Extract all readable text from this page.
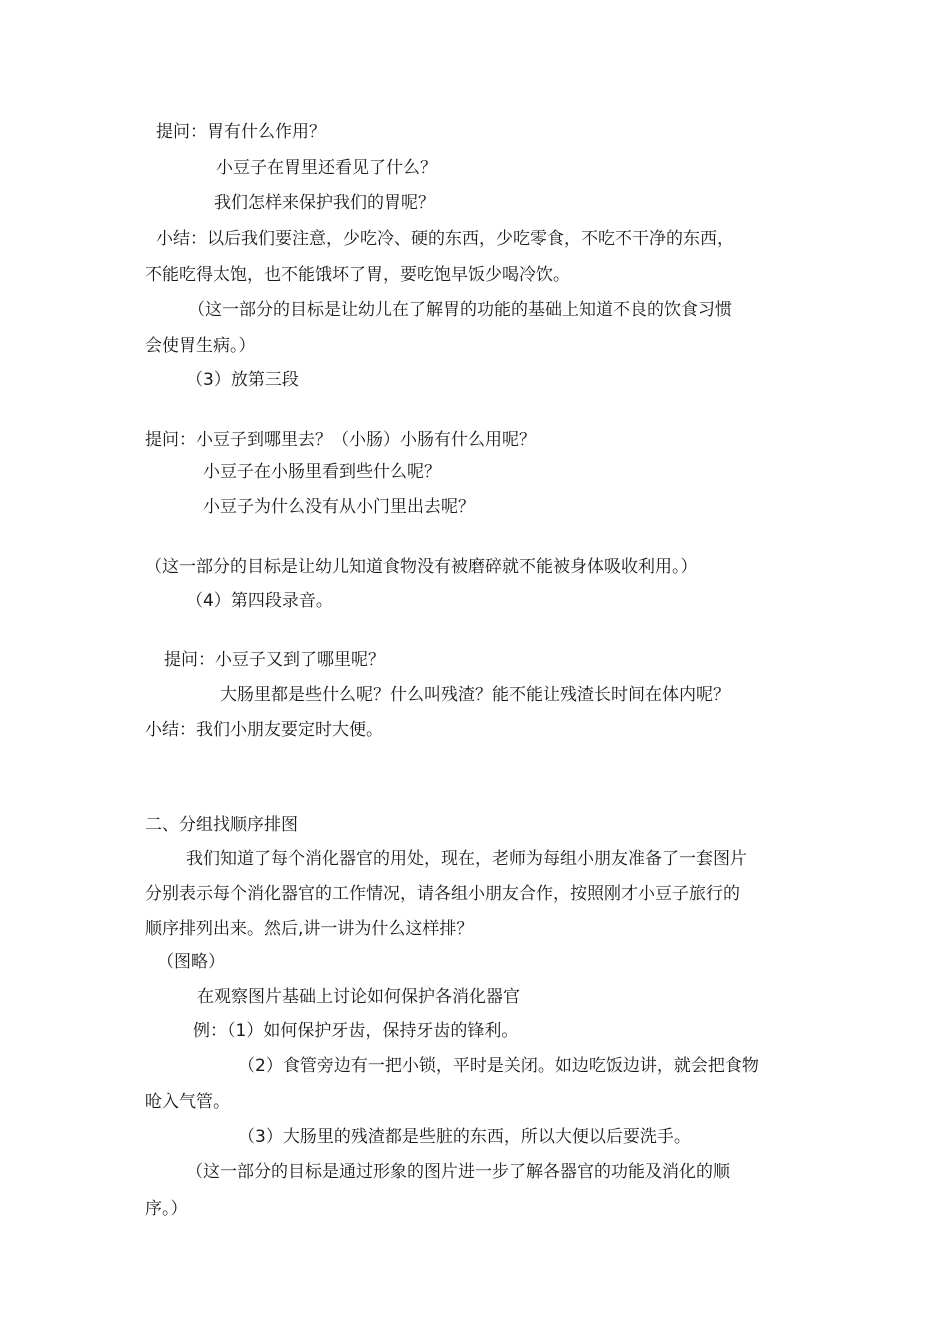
提问：胃有什么作用？
小豆子在胃里还看见了什么？
我们怎样来保护我们的胃呢？
小结：以后我们要注意，少吃冷、硬的东西，少吃零食，不吃不干净的东西，
不能吃得太饱，也不能饿坏了胃，要吃饱早饭少喝冷饮。
（这一部分的目标是让幼儿在了解胃的功能的基础上知道不良的饮食习惯
会使胃生病。）
（3）放第三段
提问：小豆子到哪里去？（小肠）小肠有什么用呢？
小豆子在小肠里看到些什么呢？
小豆子为什么没有从小门里出去呢？
（这一部分的目标是让幼儿知道食物没有被磨碎就不能被身体吸收利用。）
（4）第四段录音。
提问：小豆子又到了哪里呢？
大肠里都是些什么呢？什么叫残渣？能不能让残渣长时间在体内呢？
小结：我们小朋友要定时大便。
二、分组找顺序排图
我们知道了每个消化器官的用处，现在，老师为每组小朋友准备了一套图片
分别表示每个消化器官的工作情况，请各组小朋友合作，按照刚才小豆子旅行的
顺序排列出来。然后,讲一讲为什么这样排？
（图略）
在观察图片基础上讨论如何保护各消化器官
例：（1）如何保护牙齿，保持牙齿的锋利。
（2）食管旁边有一把小锁，平时是关闭。如边吃饭边讲，就会把食物
呛入气管。
（3）大肠里的残渣都是些脏的东西，所以大便以后要洗手。
（这一部分的目标是通过形象的图片进一步了解各器官的功能及消化的顺
序。）
